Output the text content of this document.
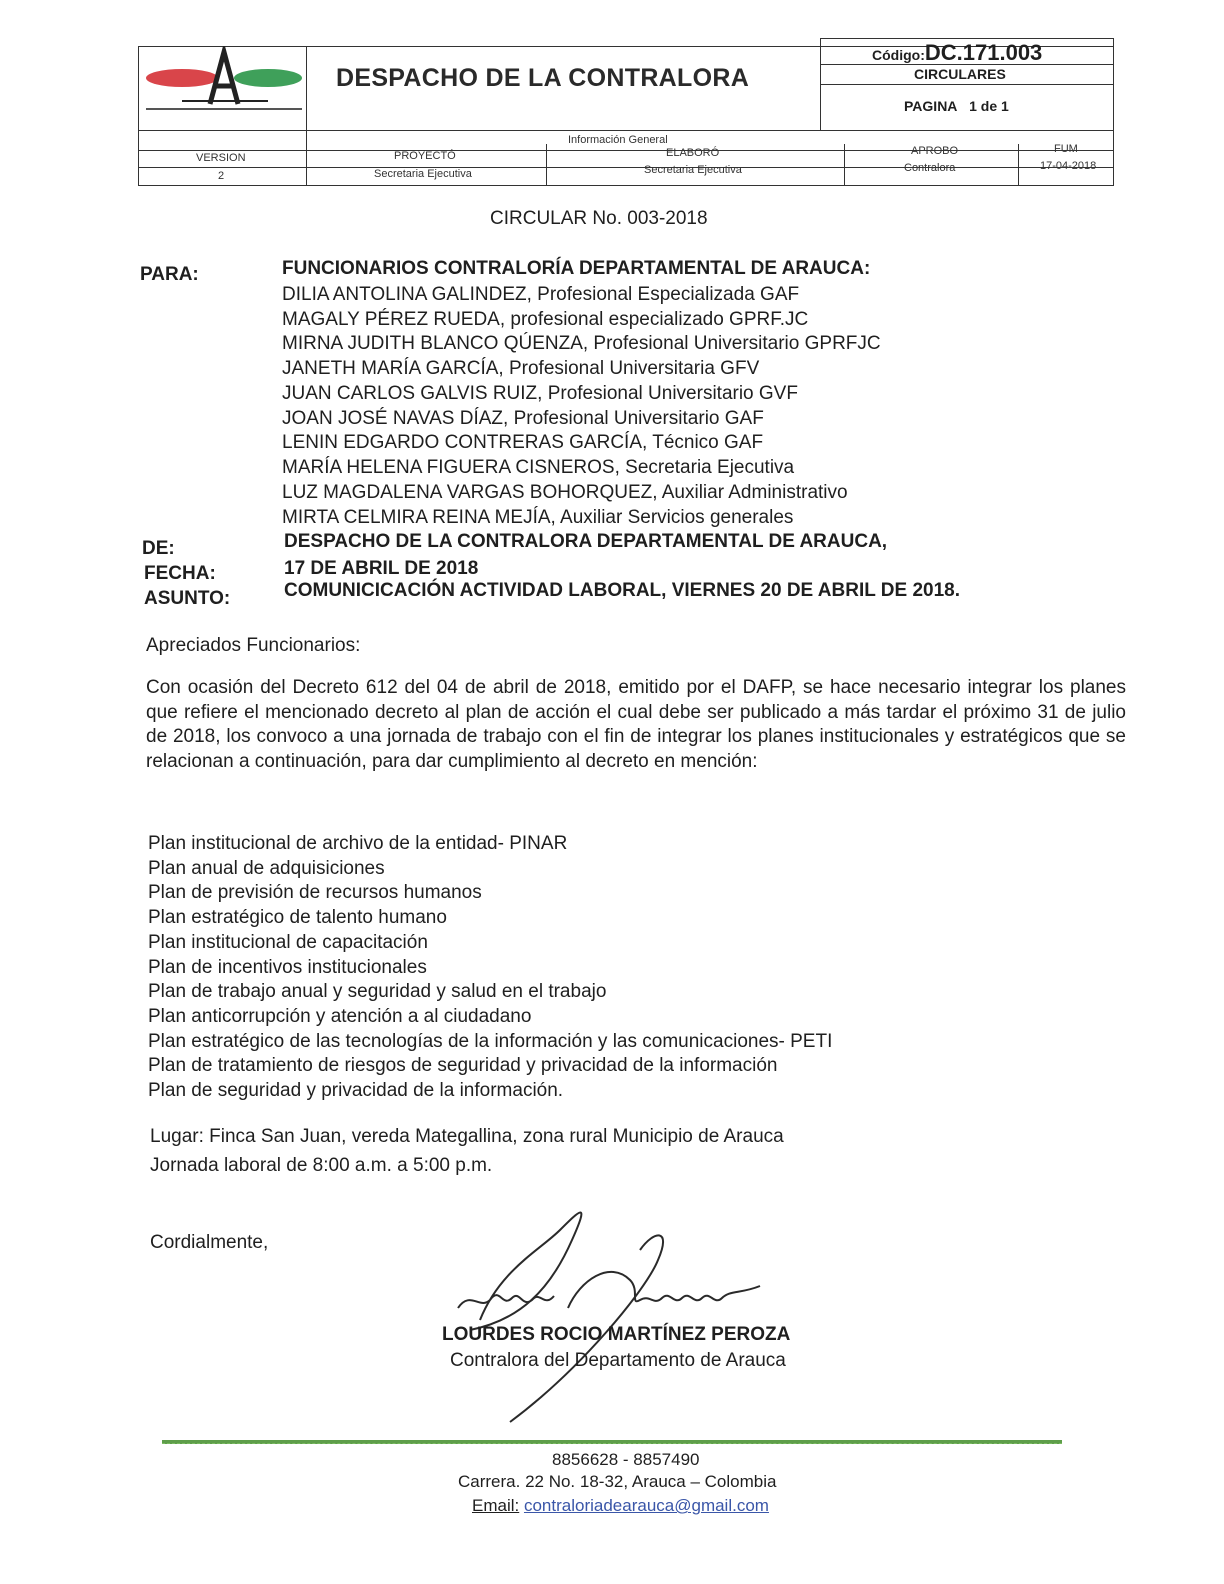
DESPACHO DE LA CONTRALORA
Código:DC.171.003
CIRCULARES
PAGINA 1 de 1
Información General
VERSION	PROYECTÓ	ELABORÓ	APROBO	FUM
2	Secretaria Ejecutiva	Secretaria Ejecutiva	Contralora	17-04-2018
CIRCULAR No. 003-2018
PARA:	FUNCIONARIOS CONTRALORÍA DEPARTAMENTAL DE ARAUCA:
DILIA ANTOLINA GALINDEZ, Profesional Especializada GAF
MAGALY PÉREZ RUEDA, profesional especializado GPRF.JC
MIRNA JUDITH BLANCO QÚENZA, Profesional Universitario GPRFJC
JANETH MARÍA GARCÍA, Profesional Universitaria GFV
JUAN CARLOS GALVIS RUIZ, Profesional Universitario GVF
JOAN JOSÉ NAVAS DÍAZ, Profesional Universitario GAF
LENIN EDGARDO CONTRERAS GARCÍA, Técnico GAF
MARÍA HELENA FIGUERA CISNEROS, Secretaria Ejecutiva
LUZ MAGDALENA VARGAS BOHORQUEZ, Auxiliar Administrativo
MIRTA CELMIRA REINA MEJÍA, Auxiliar Servicios generales
DE:	DESPACHO DE LA CONTRALORA DEPARTAMENTAL DE ARAUCA,
FECHA:	17 DE ABRIL DE 2018
ASUNTO:	COMUNICICACIÓN ACTIVIDAD LABORAL, VIERNES 20 DE ABRIL DE 2018.
Apreciados Funcionarios:
Con ocasión del Decreto 612 del 04 de abril de 2018, emitido por el DAFP, se hace necesario integrar los planes que refiere el mencionado decreto al plan de acción el cual debe ser publicado a más tardar el próximo 31 de julio de 2018, los convoco a una jornada de trabajo con el fin de integrar los planes institucionales y estratégicos que se relacionan a continuación, para dar cumplimiento al decreto en mención:
Plan institucional de archivo de la entidad- PINAR
Plan anual de adquisiciones
Plan de previsión de recursos humanos
Plan estratégico de talento humano
Plan institucional de capacitación
Plan de incentivos institucionales
Plan de trabajo anual y seguridad y salud en el trabajo
Plan anticorrupción y atención a al ciudadano
Plan estratégico de las tecnologías de la información y las comunicaciones- PETI
Plan de tratamiento de riesgos de seguridad y privacidad de la información
Plan de seguridad y privacidad de la información.
Lugar: Finca San Juan, vereda Mategallina, zona rural Municipio de Arauca
Jornada laboral de 8:00 a.m. a 5:00 p.m.
Cordialmente,
LOURDES ROCIO MARTÍNEZ PEROZA
Contralora del Departamento de Arauca
8856628 - 8857490
Carrera. 22 No. 18-32, Arauca – Colombia
Email: contraloriadearauca@gmail.com
